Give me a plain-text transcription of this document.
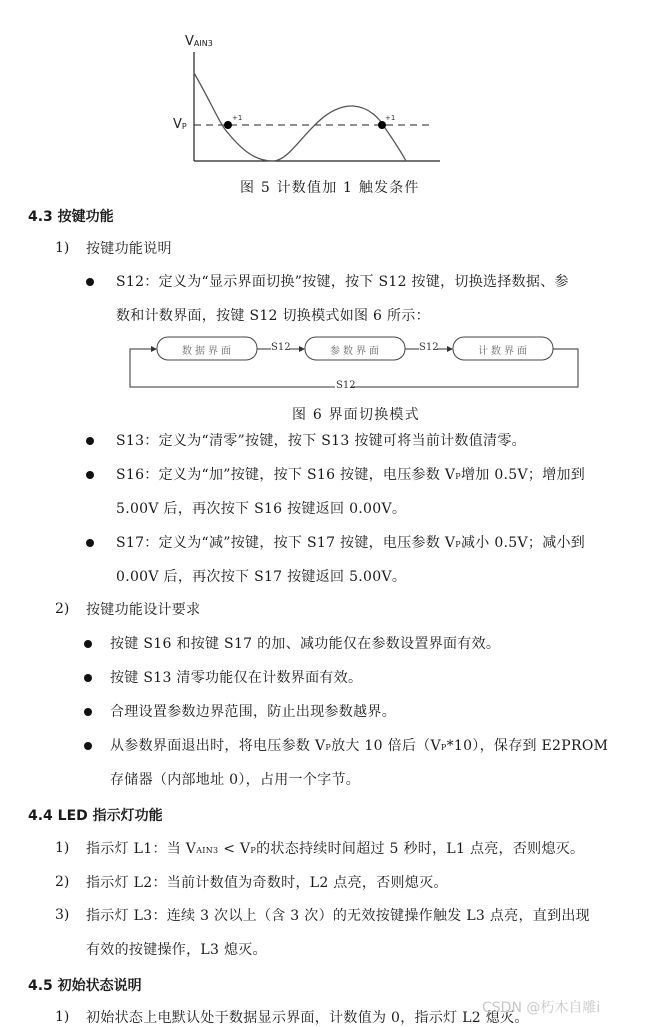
VAIN3
VP
+1	+1
图 5 计数值加 1 触发条件
4.3 按键功能
1) 按键功能说明
S12：定义为“显示界面切换”按键，按下 S12 按键，切换选择数据、参
数和计数界面，按键 S12 切换模式如图 6 所示：
数据界面	参数界面	计数界面
S12	S12
S12
图 6 界面切换模式
S13：定义为“清零”按键，按下 S13 按键可将当前计数值清零。
S16：定义为“加”按键，按下 S16 按键，电压参数 VP增加 0.5V；增加到
5.00V 后，再次按下 S16 按键返回 0.00V。
S17：定义为“减”按键，按下 S17 按键，电压参数 VP减小 0.5V；减小到
0.00V 后，再次按下 S17 按键返回 5.00V。
2) 按键功能设计要求
按键 S16 和按键 S17 的加、减功能仅在参数设置界面有效。
按键 S13 清零功能仅在计数界面有效。
合理设置参数边界范围，防止出现参数越界。
从参数界面退出时，将电压参数 VP放大 10 倍后（VP*10），保存到 E2PROM
存储器（内部地址 0），占用一个字节。
4.4 LED 指示灯功能
1) 指示灯 L1：当 VAIN3 < VP的状态持续时间超过 5 秒时，L1 点亮，否则熄灭。
2) 指示灯 L2：当前计数值为奇数时，L2 点亮，否则熄灭。
3) 指示灯 L3：连续 3 次以上（含 3 次）的无效按键操作触发 L3 点亮，直到出现
有效的按键操作，L3 熄灭。
4.5 初始状态说明
1) 初始状态上电默认处于数据显示界面，计数值为 0，指示灯 L2 熄灭。
CSDN @朽木自雕i
